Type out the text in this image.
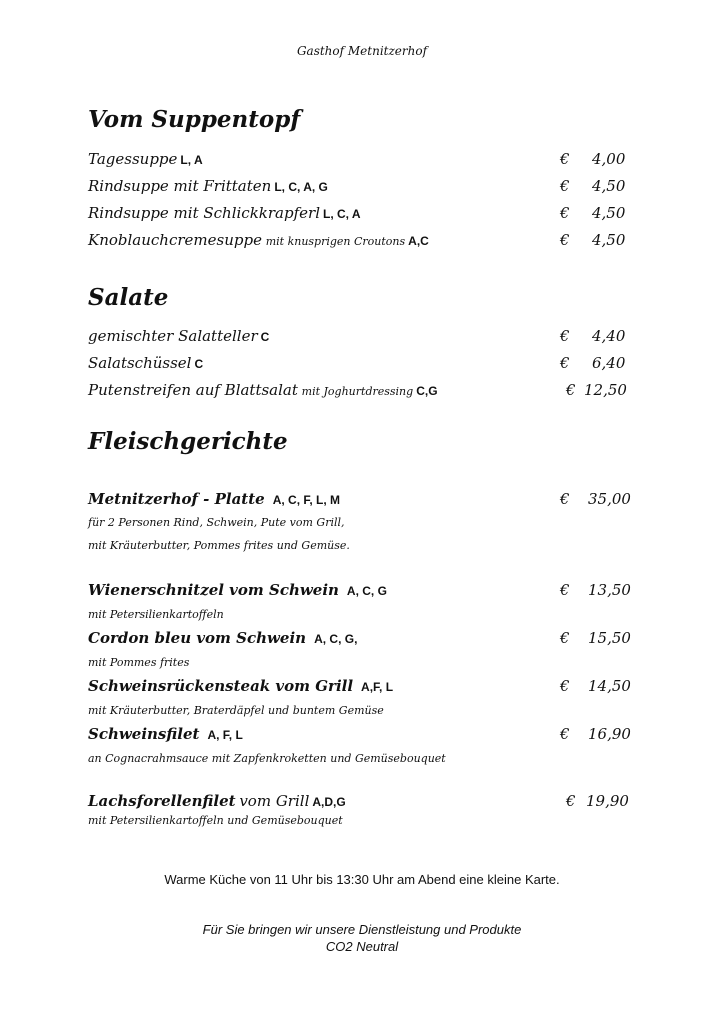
Gasthof Metnitzerhof
Vom Suppentopf
Tagessuppe L, A	€ 4,00
Rindsuppe mit Frittaten L, C, A, G	€ 4,50
Rindsuppe mit Schlickkrapferl L, C, A	€ 4,50
Knoblauchcremesuppe mit knusprigen Croutons A,C	€ 4,50
Salate
gemischter Salatteller C	€ 4,40
Salatschüssel C	€ 6,40
Putenstreifen auf Blattsalat mit Joghurtdressing C,G	€ 12,50
Fleischgerichte
Metnitzerhof - Platte A, C, F, L, M	€ 35,00
für 2 Personen Rind, Schwein, Pute vom Grill,
mit Kräuterbutter, Pommes frites und Gemüse.
Wienerschnitzel vom Schwein A, C, G	€ 13,50
mit Petersilienkartoffeln
Cordon bleu vom Schwein A, C, G,	€ 15,50
mit Pommes frites
Schweinsrückensteak vom Grill A,F, L	€ 14,50
mit Kräuterbutter, Braterdäpfel und buntem Gemüse
Schweinsfilet A, F, L	€ 16,90
an Cognacrahmsauce mit Zapfenkroketten und Gemüsebouquet
Lachsforellenfilet vom Grill A,D,G	€ 19,90
mit Petersilienkartoffeln und Gemüsebouquet
Warme Küche von 11 Uhr bis 13:30 Uhr am Abend eine kleine Karte.
Für Sie bringen wir unsere Dienstleistung und Produkte
CO2 Neutral
